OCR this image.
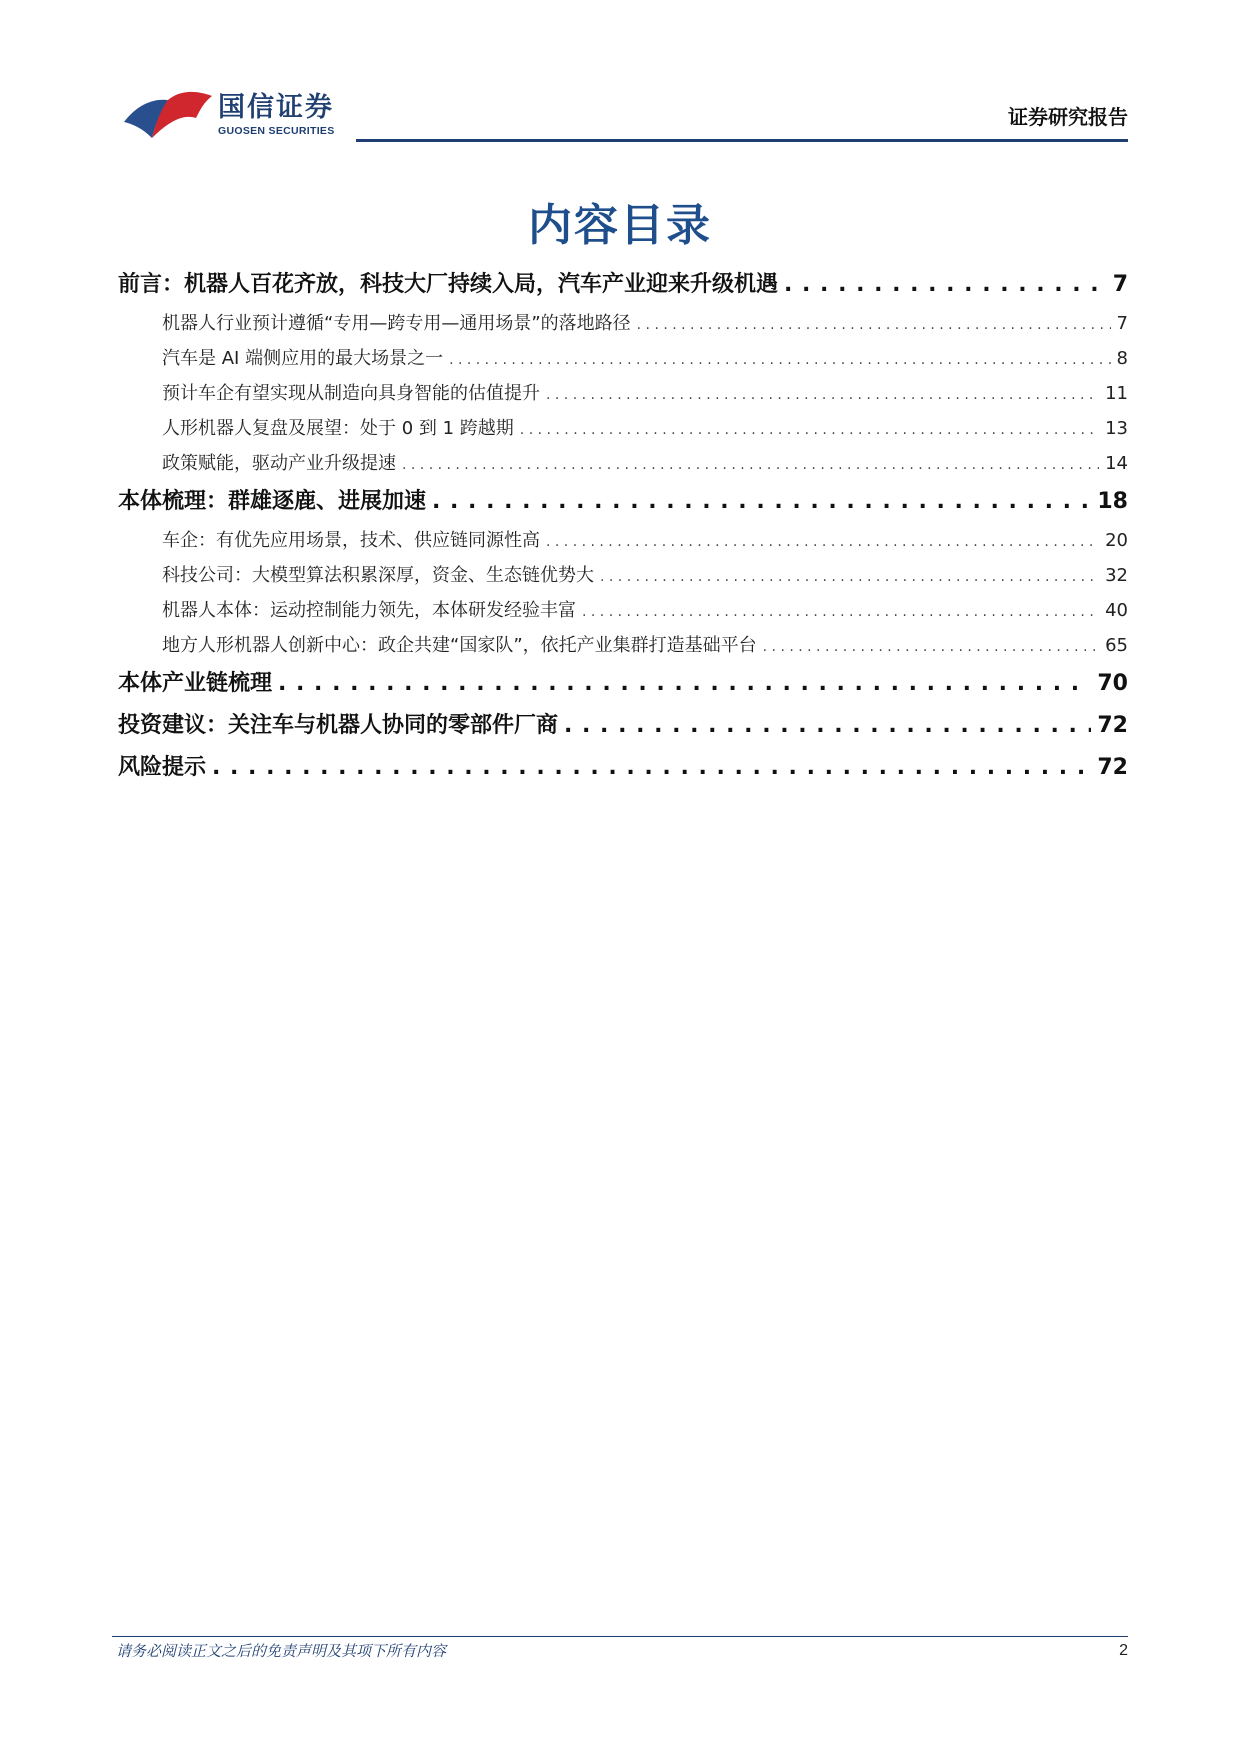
国信证券
GUOSEN SECURITIES
证券研究报告
内容目录
前言：机器人百花齐放，科技大厂持续入局，汽车产业迎来升级机遇 . . .	7
机器人行业预计遵循“专用—跨专用—通用场景”的落地路径 . . .	7
汽车是 AI 端侧应用的最大场景之一 . . .	8
预计车企有望实现从制造向具身智能的估值提升 . . .	11
人形机器人复盘及展望：处于 0 到 1 跨越期 . . .	13
政策赋能，驱动产业升级提速 . . .	14
本体梳理：群雄逐鹿、进展加速 . . .	18
车企：有优先应用场景，技术、供应链同源性高 . . .	20
科技公司：大模型算法积累深厚，资金、生态链优势大 . . .	32
机器人本体：运动控制能力领先，本体研发经验丰富 . . .	40
地方人形机器人创新中心：政企共建“国家队”，依托产业集群打造基础平台 . . .	65
本体产业链梳理 . . .	70
投资建议：关注车与机器人协同的零部件厂商 . . .	72
风险提示 . . .	72
请务必阅读正文之后的免责声明及其项下所有内容	2
